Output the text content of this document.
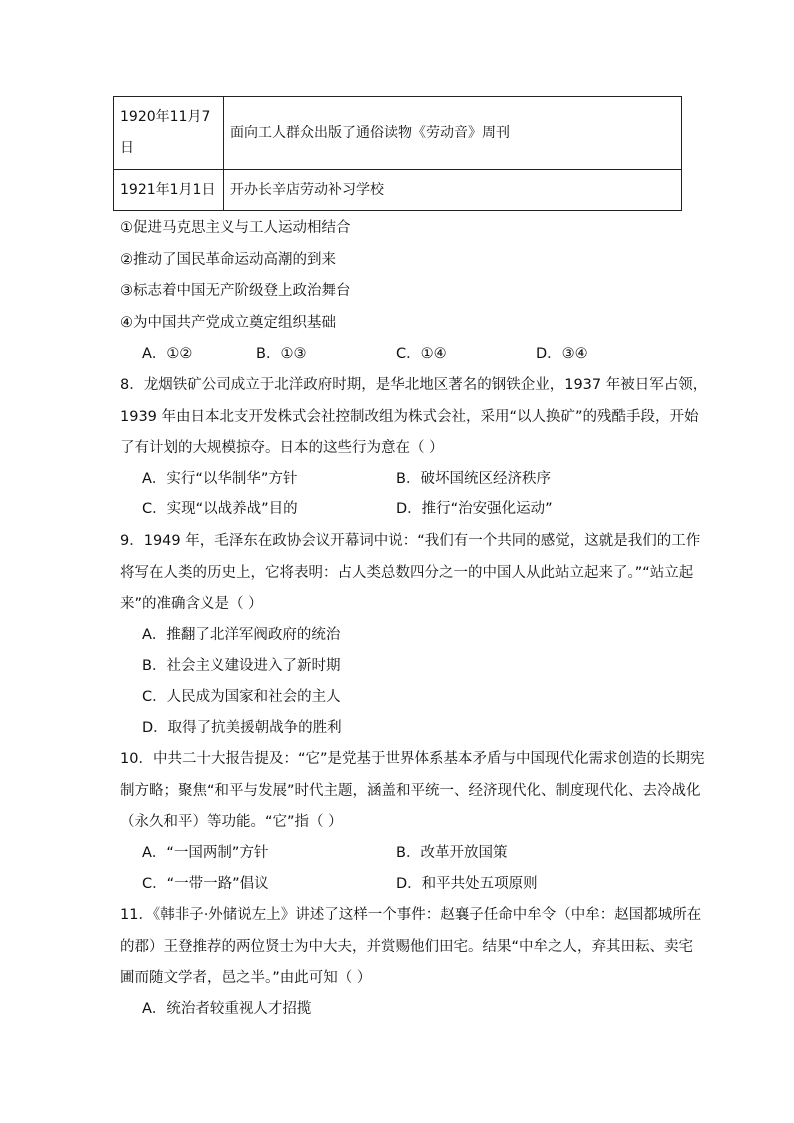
1920年11月7日	面向工人群众出版了通俗读物《劳动音》周刊
1921年1月1日	开办长辛店劳动补习学校
①促进马克思主义与工人运动相结合
②推动了国民革命运动高潮的到来
③标志着中国无产阶级登上政治舞台
④为中国共产党成立奠定组织基础
A．①②	B．①③	C．①④	D．③④
8．龙烟铁矿公司成立于北洋政府时期，是华北地区著名的钢铁企业，1937 年被日军占领，
1939 年由日本北支开发株式会社控制改组为株式会社，采用“以人换矿”的残酷手段，开始
了有计划的大规模掠夺。日本的这些行为意在（ ）
A．实行“以华制华”方针	B．破坏国统区经济秩序
C．实现“以战养战”目的	D．推行“治安强化运动”
9．1949 年，毛泽东在政协会议开幕词中说：“我们有一个共同的感觉，这就是我们的工作
将写在人类的历史上，它将表明：占人类总数四分之一的中国人从此站立起来了。”“站立起
来”的准确含义是（ ）
A．推翻了北洋军阀政府的统治
B．社会主义建设进入了新时期
C．人民成为国家和社会的主人
D．取得了抗美援朝战争的胜利
10．中共二十大报告提及：“它”是党基于世界体系基本矛盾与中国现代化需求创造的长期宪
制方略；聚焦“和平与发展”时代主题，涵盖和平统一、经济现代化、制度现代化、去冷战化
（永久和平）等功能。“它”指（ ）
A．“一国两制”方针	B．改革开放国策
C．“一带一路”倡议	D．和平共处五项原则
11．《韩非子·外储说左上》讲述了这样一个事件：赵襄子任命中牟令（中牟：赵国都城所在
的郡）王登推荐的两位贤士为中大夫，并赏赐他们田宅。结果“中牟之人，弃其田耘、卖宅
圃而随文学者，邑之半。”由此可知（ ）
A．统治者较重视人才招揽
